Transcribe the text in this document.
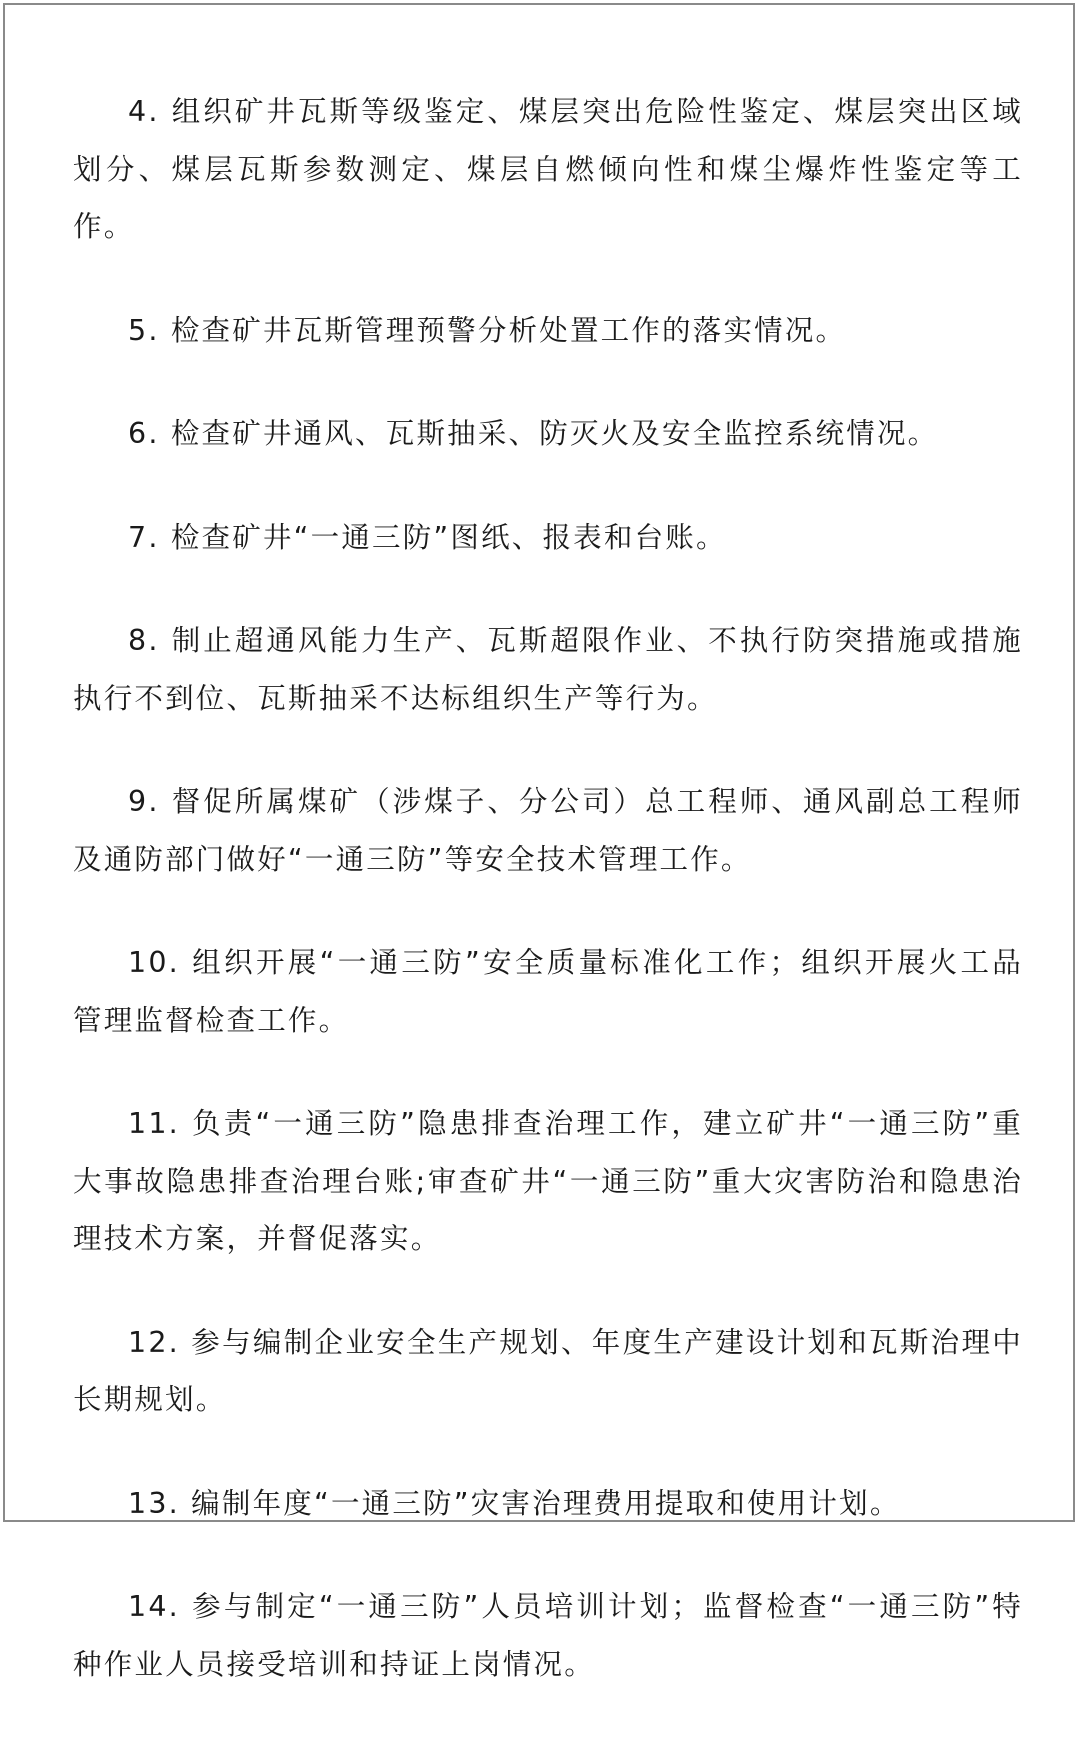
4. 组织矿井瓦斯等级鉴定、煤层突出危险性鉴定、煤层突出区域划分、煤层瓦斯参数测定、煤层自燃倾向性和煤尘爆炸性鉴定等工作。

5. 检查矿井瓦斯管理预警分析处置工作的落实情况。

6. 检查矿井通风、瓦斯抽采、防灭火及安全监控系统情况。

7. 检查矿井“一通三防”图纸、报表和台账。

8. 制止超通风能力生产、瓦斯超限作业、不执行防突措施或措施执行不到位、瓦斯抽采不达标组织生产等行为。

9. 督促所属煤矿（涉煤子、分公司）总工程师、通风副总工程师及通防部门做好“一通三防”等安全技术管理工作。

10. 组织开展“一通三防”安全质量标准化工作；组织开展火工品管理监督检查工作。

11. 负责“一通三防”隐患排查治理工作，建立矿井“一通三防”重大事故隐患排查治理台账;审查矿井“一通三防”重大灾害防治和隐患治理技术方案，并督促落实。

12. 参与编制企业安全生产规划、年度生产建设计划和瓦斯治理中长期规划。

13. 编制年度“一通三防”灾害治理费用提取和使用计划。

14. 参与制定“一通三防”人员培训计划；监督检查“一通三防”特种作业人员接受培训和持证上岗情况。
